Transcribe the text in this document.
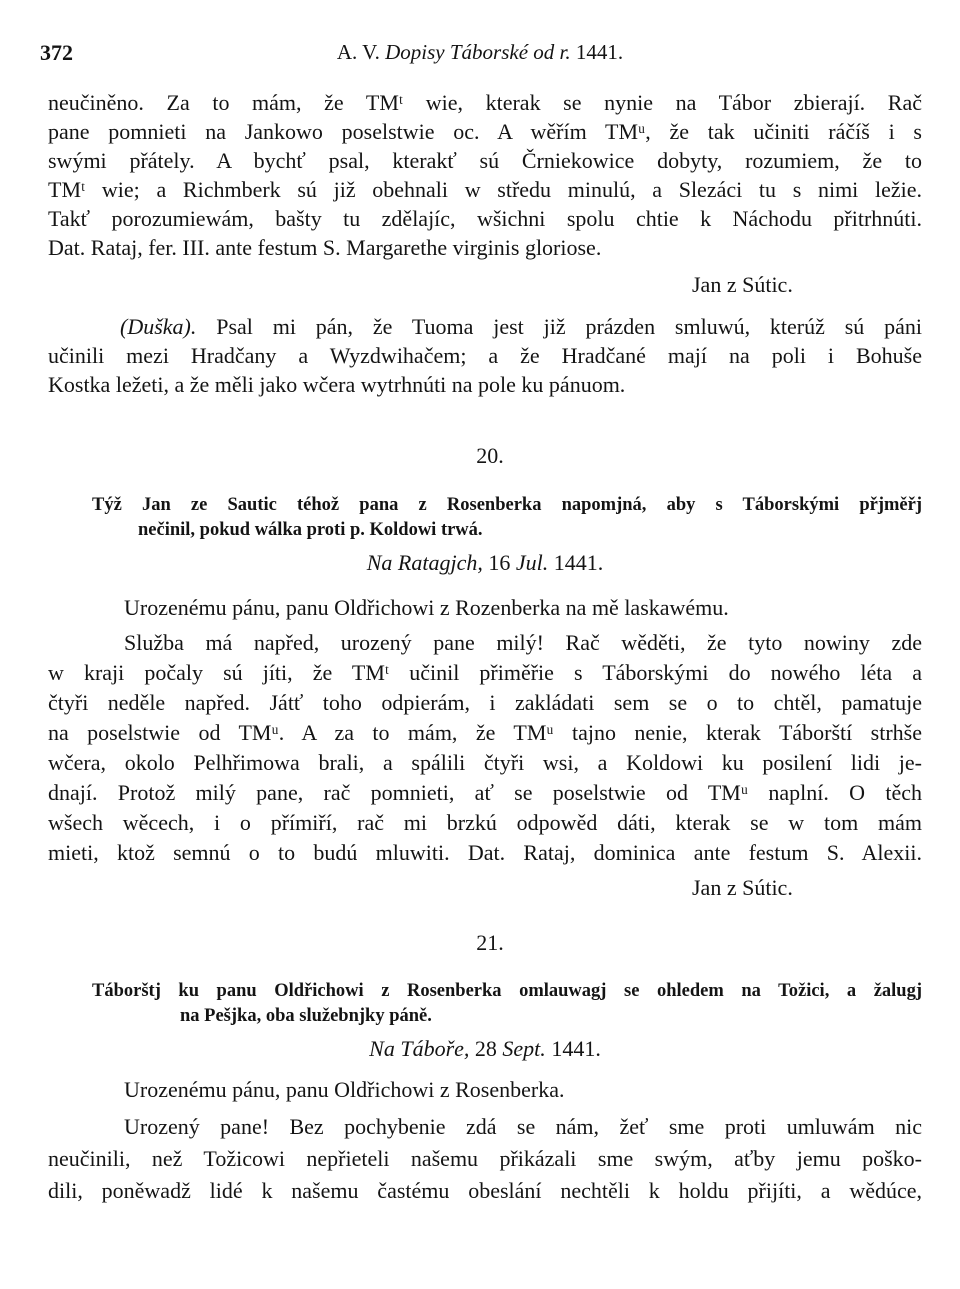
372	A. V. Dopisy Táborské od r. 1441.
neučiněno. Za to mám, že TMᵗ wie, kterak se nynie na Tábor zbierají. Rač
pane pomnieti na Jankowo poselstwie oc. A wěřím TMᵘ, že tak učiniti ráčíš i s
swými přátely. A bychť psal, kterakť sú Črniekowice dobyty, rozumiem, že to
TMᵗ wie; a Richmberk sú již obehnali w středu minulú, a Slezáci tu s nimi ležie.
Takť porozumiewám, bašty tu zdělajíc, wšichni spolu chtie k Náchodu přitrhnúti.
Dat. Rataj, fer. III. ante festum S. Margarethe virginis gloriose.
Jan z Sútic.
(Duška). Psal mi pán, že Tuoma jest již prázden smluwú, kterúž sú páni
učinili mezi Hradčany a Wyzdwihačem; a že Hradčané mají na poli i Bohuše
Kostka ležeti, a že měli jako wčera wytrhnúti na pole ku pánuom.
20.
Týž Jan ze Sautic téhož pana z Rosenberka napomjná, aby s Táborskými přjměřj
nečinil, pokud wálka proti p. Koldowi trwá.
Na Ratagjch, 16 Jul. 1441.
Urozenému pánu, panu Oldřichowi z Rozenberka na mě laskawému.
Služba má napřed, urozený pane milý! Rač wěděti, že tyto nowiny zde
w kraji počaly sú jíti, že TMᵗ učinil přiměřie s Táborskými do nowého léta a
čtyři neděle napřed. Játť toho odpierám, i zakládati sem se o to chtěl, pamatuje
na poselstwie od TMᵘ. A za to mám, že TMᵘ tajno nenie, kterak Táborští strhše
wčera, okolo Pelhřimowa brali, a spálili čtyři wsi, a Koldowi ku posilení lidi je-
dnají. Protož milý pane, rač pomnieti, ať se poselstwie od TMᵘ naplní. O těch
wšech wěcech, i o přímiří, rač mi brzkú odpowěd dáti, kterak se w tom mám
mieti, ktož semnú o to budú mluwiti. Dat. Rataj, dominica ante festum S. Alexii.
Jan z Sútic.
21.
Táborštj ku panu Oldřichowi z Rosenberka omlauwagj se ohledem na Tožici, a žalugj
na Pešjka, oba služebnjky páně.
Na Táboře, 28 Sept. 1441.
Urozenému pánu, panu Oldřichowi z Rosenberka.
Urozený pane! Bez pochybenie zdá se nám, žeť sme proti umluwám nic
neučinili, než Tožicowi nepřieteli našemu přikázali sme swým, aťby jemu poško-
dili, poněwadž lidé k našemu častému obeslání nechtěli k holdu přijíti, a wědúce,
